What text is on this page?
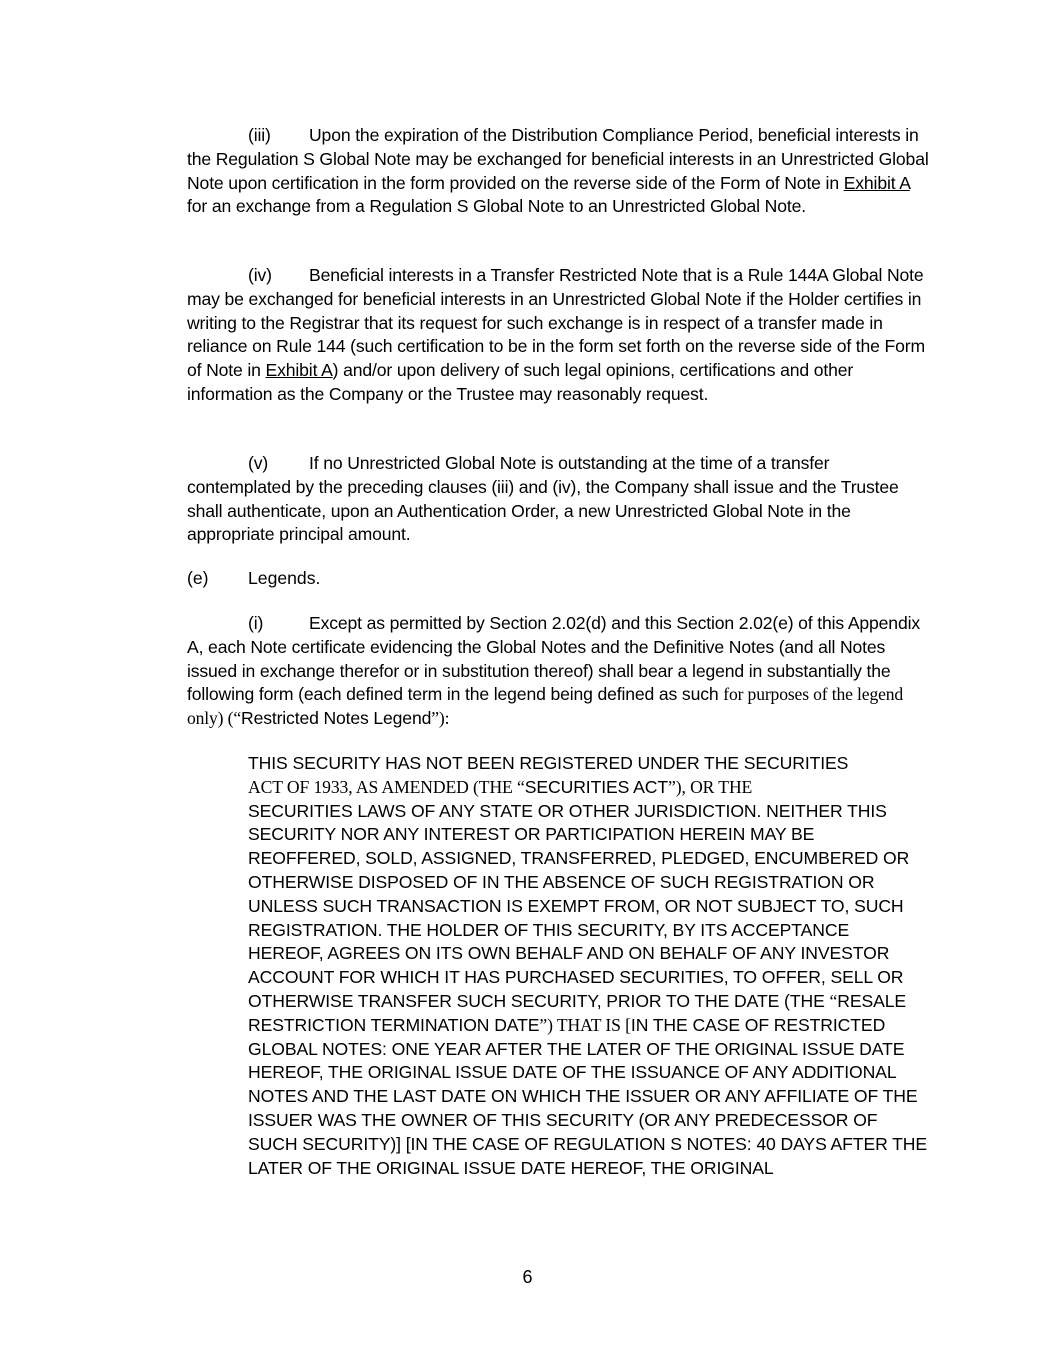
(iii) Upon the expiration of the Distribution Compliance Period, beneficial interests in the Regulation S Global Note may be exchanged for beneficial interests in an Unrestricted Global Note upon certification in the form provided on the reverse side of the Form of Note in Exhibit A for an exchange from a Regulation S Global Note to an Unrestricted Global Note.

(iv) Beneficial interests in a Transfer Restricted Note that is a Rule 144A Global Note may be exchanged for beneficial interests in an Unrestricted Global Note if the Holder certifies in writing to the Registrar that its request for such exchange is in respect of a transfer made in reliance on Rule 144 (such certification to be in the form set forth on the reverse side of the Form of Note in Exhibit A) and/or upon delivery of such legal opinions, certifications and other information as the Company or the Trustee may reasonably request.

(v) If no Unrestricted Global Note is outstanding at the time of a transfer contemplated by the preceding clauses (iii) and (iv), the Company shall issue and the Trustee shall authenticate, upon an Authentication Order, a new Unrestricted Global Note in the appropriate principal amount.

(e) Legends.

(i)	Except as permitted by Section 2.02(d) and this Section 2.02(e) of this Appendix A, each Note certificate evidencing the Global Notes and the Definitive Notes (and all Notes issued in exchange therefor or in substitution thereof) shall bear a legend in substantially the following form (each defined term in the legend being defined as such for purposes of the legend only) (“Restricted Notes Legend”):

THIS SECURITY HAS NOT BEEN REGISTERED UNDER THE SECURITIES
ACT OF 1933, AS AMENDED (THE “SECURITIES ACT”), OR THE
SECURITIES LAWS OF ANY STATE OR OTHER JURISDICTION. NEITHER THIS SECURITY NOR ANY INTEREST OR PARTICIPATION HEREIN MAY BE REOFFERED, SOLD, ASSIGNED, TRANSFERRED, PLEDGED, ENCUMBERED OR OTHERWISE DISPOSED OF IN THE ABSENCE OF SUCH REGISTRATION OR UNLESS SUCH TRANSACTION IS EXEMPT FROM, OR NOT SUBJECT TO, SUCH REGISTRATION. THE HOLDER OF THIS SECURITY, BY ITS ACCEPTANCE HEREOF, AGREES ON ITS OWN BEHALF AND ON BEHALF OF ANY INVESTOR ACCOUNT FOR WHICH IT HAS PURCHASED SECURITIES, TO OFFER, SELL OR OTHERWISE TRANSFER SUCH SECURITY, PRIOR TO THE DATE (THE “RESALE RESTRICTION TERMINATION DATE”) THAT IS [IN THE CASE OF RESTRICTED GLOBAL NOTES: ONE YEAR AFTER THE LATER OF THE ORIGINAL ISSUE DATE HEREOF, THE ORIGINAL ISSUE DATE OF THE ISSUANCE OF ANY ADDITIONAL NOTES AND THE LAST DATE ON WHICH THE ISSUER OR ANY AFFILIATE OF THE ISSUER WAS THE OWNER OF THIS SECURITY (OR ANY PREDECESSOR OF SUCH SECURITY)] [IN THE CASE OF REGULATION S NOTES: 40 DAYS AFTER THE LATER OF THE ORIGINAL ISSUE DATE HEREOF, THE ORIGINAL
6
